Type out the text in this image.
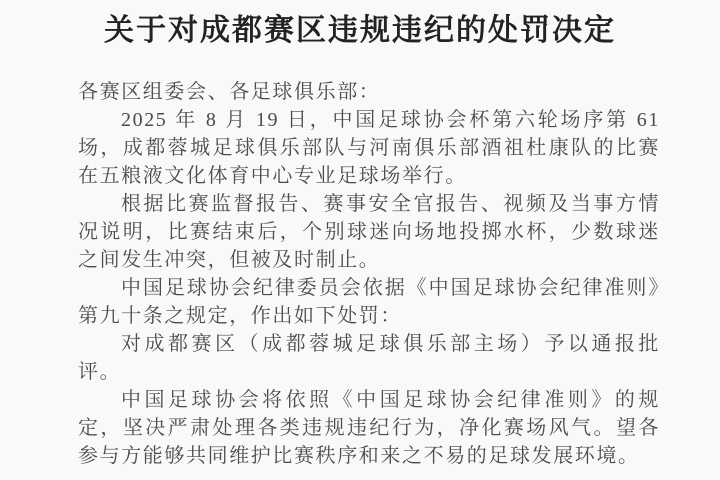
关于对成都赛区违规违纪的处罚决定

各赛区组委会、各足球俱乐部：

2025 年 8 月 19 日，中国足球协会杯第六轮场序第 61 场，成都蓉城足球俱乐部队与河南俱乐部酒祖杜康队的比赛在五粮液文化体育中心专业足球场举行。

根据比赛监督报告、赛事安全官报告、视频及当事方情况说明，比赛结束后，个别球迷向场地投掷水杯，少数球迷之间发生冲突，但被及时制止。

中国足球协会纪律委员会依据《中国足球协会纪律准则》第九十条之规定，作出如下处罚：

对成都赛区（成都蓉城足球俱乐部主场）予以通报批评。

中国足球协会将依照《中国足球协会纪律准则》的规定，坚决严肃处理各类违规违纪行为，净化赛场风气。望各参与方能够共同维护比赛秩序和来之不易的足球发展环境。
